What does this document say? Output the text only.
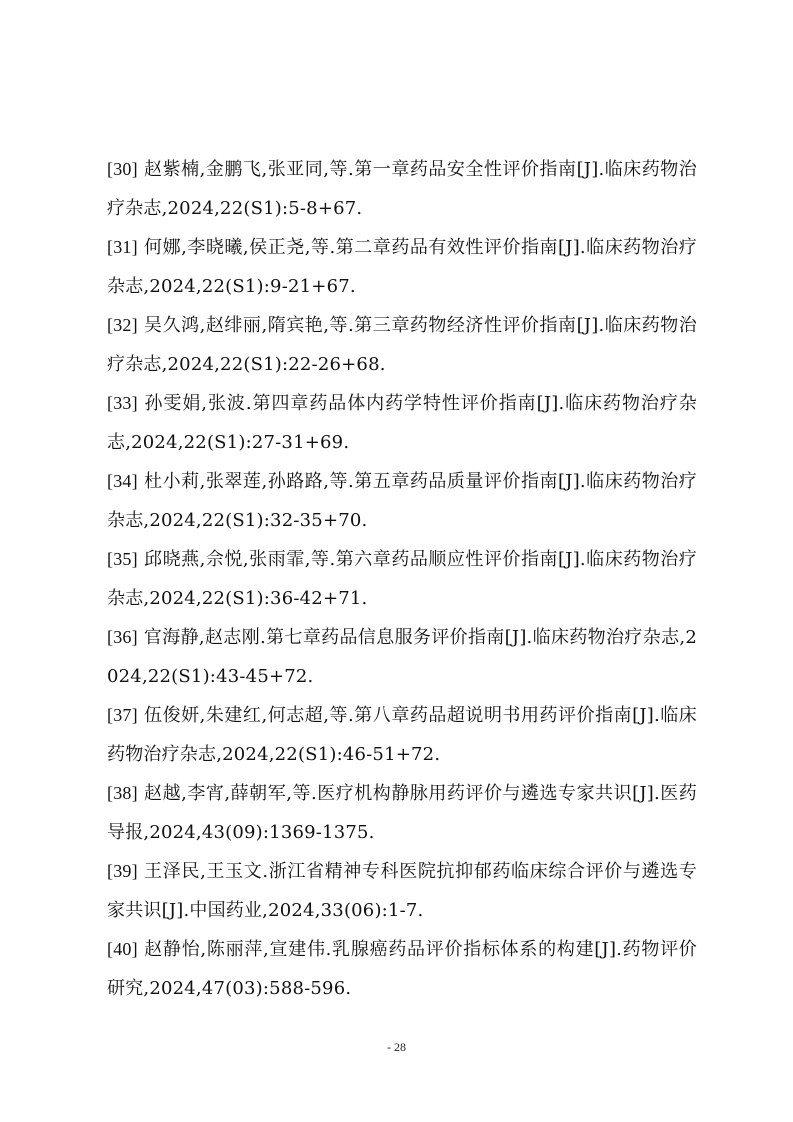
[30] 赵紫楠,金鹏飞,张亚同,等.第一章药品安全性评价指南[J].临床药物治疗杂志,2024,22(S1):5-8+67.

[31] 何娜,李晓曦,侯正尧,等.第二章药品有效性评价指南[J].临床药物治疗杂志,2024,22(S1):9-21+67.

[32] 吴久鸿,赵绯丽,隋宾艳,等.第三章药物经济性评价指南[J].临床药物治疗杂志,2024,22(S1):22-26+68.

[33] 孙雯娟,张波.第四章药品体内药学特性评价指南[J].临床药物治疗杂志,2024,22(S1):27-31+69.

[34] 杜小莉,张翠莲,孙路路,等.第五章药品质量评价指南[J].临床药物治疗杂志,2024,22(S1):32-35+70.

[35] 邱晓燕,佘悦,张雨霏,等.第六章药品顺应性评价指南[J].临床药物治疗杂志,2024,22(S1):36-42+71.

[36] 官海静,赵志刚.第七章药品信息服务评价指南[J].临床药物治疗杂志,2024,22(S1):43-45+72.

[37] 伍俊妍,朱建红,何志超,等.第八章药品超说明书用药评价指南[J].临床药物治疗杂志,2024,22(S1):46-51+72.

[38] 赵越,李宵,薛朝军,等.医疗机构静脉用药评价与遴选专家共识[J].医药导报,2024,43(09):1369-1375.

[39] 王泽民,王玉文.浙江省精神专科医院抗抑郁药临床综合评价与遴选专家共识[J].中国药业,2024,33(06):1-7.

[40] 赵静怡,陈丽萍,宣建伟.乳腺癌药品评价指标体系的构建[J].药物评价研究,2024,47(03):588-596.

- 28
